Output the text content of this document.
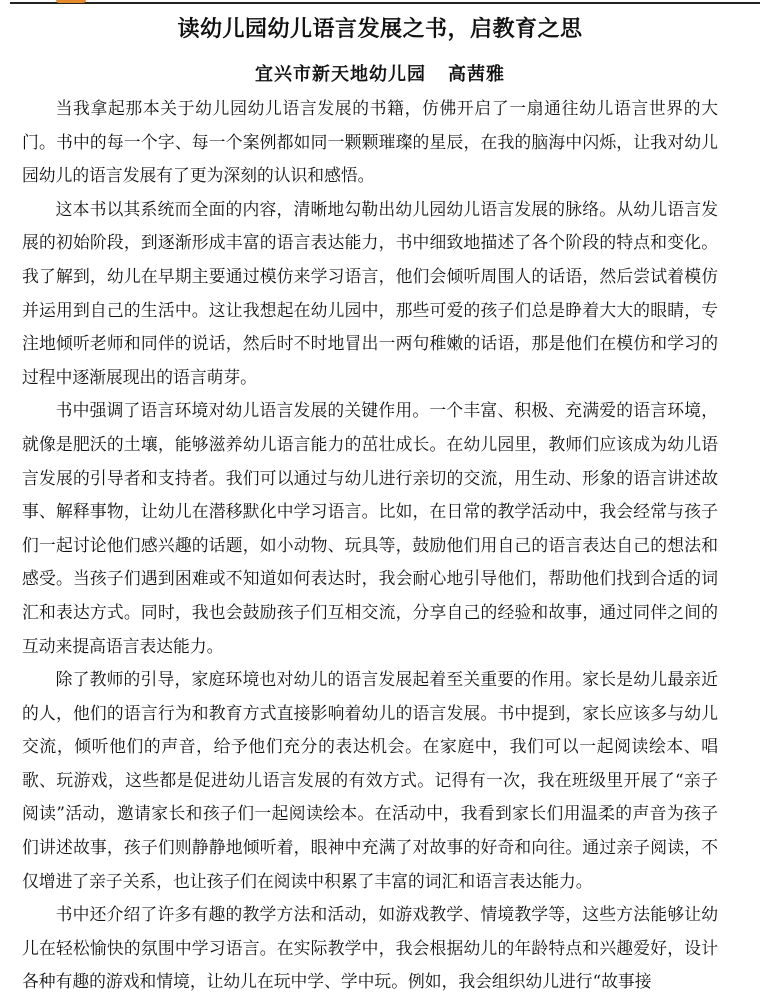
读幼儿园幼儿语言发展之书，启教育之思
宜兴市新天地幼儿园 高茜雅

当我拿起那本关于幼儿园幼儿语言发展的书籍，仿佛开启了一扇通往幼儿语言世界的大门。书中的每一个字、每一个案例都如同一颗颗璀璨的星辰，在我的脑海中闪烁，让我对幼儿园幼儿的语言发展有了更为深刻的认识和感悟。

这本书以其系统而全面的内容，清晰地勾勒出幼儿园幼儿语言发展的脉络。从幼儿语言发展的初始阶段，到逐渐形成丰富的语言表达能力，书中细致地描述了各个阶段的特点和变化。我了解到，幼儿在早期主要通过模仿来学习语言，他们会倾听周围人的话语，然后尝试着模仿并运用到自己的生活中。这让我想起在幼儿园中，那些可爱的孩子们总是睁着大大的眼睛，专注地倾听老师和同伴的说话，然后时不时地冒出一两句稚嫩的话语，那是他们在模仿和学习的过程中逐渐展现出的语言萌芽。

书中强调了语言环境对幼儿语言发展的关键作用。一个丰富、积极、充满爱的语言环境，就像是肥沃的土壤，能够滋养幼儿语言能力的茁壮成长。在幼儿园里，教师们应该成为幼儿语言发展的引导者和支持者。我们可以通过与幼儿进行亲切的交流，用生动、形象的语言讲述故事、解释事物，让幼儿在潜移默化中学习语言。比如，在日常的教学活动中，我会经常与孩子们一起讨论他们感兴趣的话题，如小动物、玩具等，鼓励他们用自己的语言表达自己的想法和感受。当孩子们遇到困难或不知道如何表达时，我会耐心地引导他们，帮助他们找到合适的词汇和表达方式。同时，我也会鼓励孩子们互相交流，分享自己的经验和故事，通过同伴之间的互动来提高语言表达能力。

除了教师的引导，家庭环境也对幼儿的语言发展起着至关重要的作用。家长是幼儿最亲近的人，他们的语言行为和教育方式直接影响着幼儿的语言发展。书中提到，家长应该多与幼儿交流，倾听他们的声音，给予他们充分的表达机会。在家庭中，我们可以一起阅读绘本、唱歌、玩游戏，这些都是促进幼儿语言发展的有效方式。记得有一次，我在班级里开展了“亲子阅读”活动，邀请家长和孩子们一起阅读绘本。在活动中，我看到家长们用温柔的声音为孩子们讲述故事，孩子们则静静地倾听着，眼神中充满了对故事的好奇和向往。通过亲子阅读，不仅增进了亲子关系，也让孩子们在阅读中积累了丰富的词汇和语言表达能力。

书中还介绍了许多有趣的教学方法和活动，如游戏教学、情境教学等，这些方法能够让幼儿在轻松愉快的氛围中学习语言。在实际教学中，我会根据幼儿的年龄特点和兴趣爱好，设计各种有趣的游戏和情境，让幼儿在玩中学、学中玩。例如，我会组织幼儿进行“故事接
